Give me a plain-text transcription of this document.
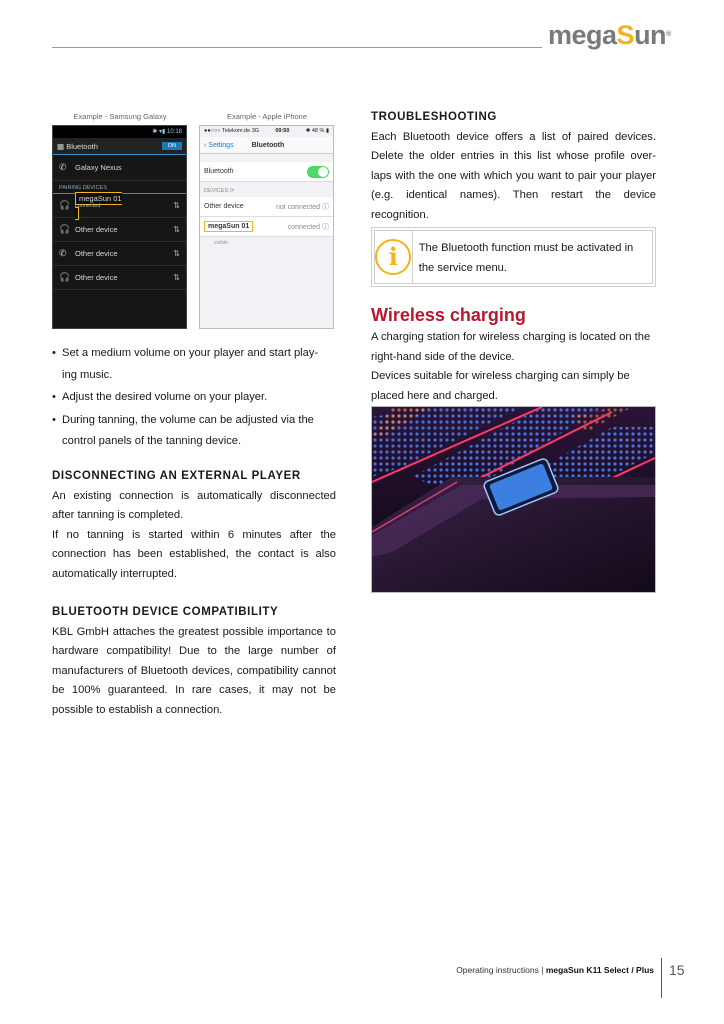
megaSun®
Example - Samsung Galaxy	Example - Apple iPhone
✱ ▾▮ 10:18
▦ Bluetooth	ON
✆	Galaxy Nexus
PAIRING DEVICES
🎧
megaSun 01
connected	⇅
🎧 Other device	⇅
✆	Other device	⇅
🎧 Other device	⇅
●●○○○ Telekom.de 3G	09:50	✱ 48 % ▮
‹ Settings	Bluetooth
Bluetooth
DEVICES ⟳
Other device	not connected ⓘ
megaSun 01	connected ⓘ
visible
• Set a medium volume on your player and start play- ing music.
• Adjust the desired volume on your player.
• During tanning, the volume can be adjusted via the control panels of the tanning device.
DISCONNECTING AN EXTERNAL PLAYER
An existing connection is automatically disconnected after tanning is completed.
If no tanning is started within 6 minutes after the connection has been established, the contact is also automatically interrupted.
BLUETOOTH DEVICE COMPATIBILITY
KBL GmbH attaches the greatest possible importance to hardware compatibility! Due to the large number of manufacturers of Bluetooth devices, compatibility cannot be 100% guaranteed. In rare cases, it may not be possible to establish a connection.
TROUBLESHOOTING
Each Bluetooth device offers a list of paired devices. Delete the older entries in this list whose profile over- laps with the one with which you want to pair your player (e.g. identical names). Then restart the device recognition.
i	The Bluetooth function must be activated in the service menu.
Wireless charging
A charging station for wireless charging is located on the right-hand side of the device.
Devices suitable for wireless charging can simply be placed here and charged.
Operating instructions | megaSun K11 Select / Plus 15
